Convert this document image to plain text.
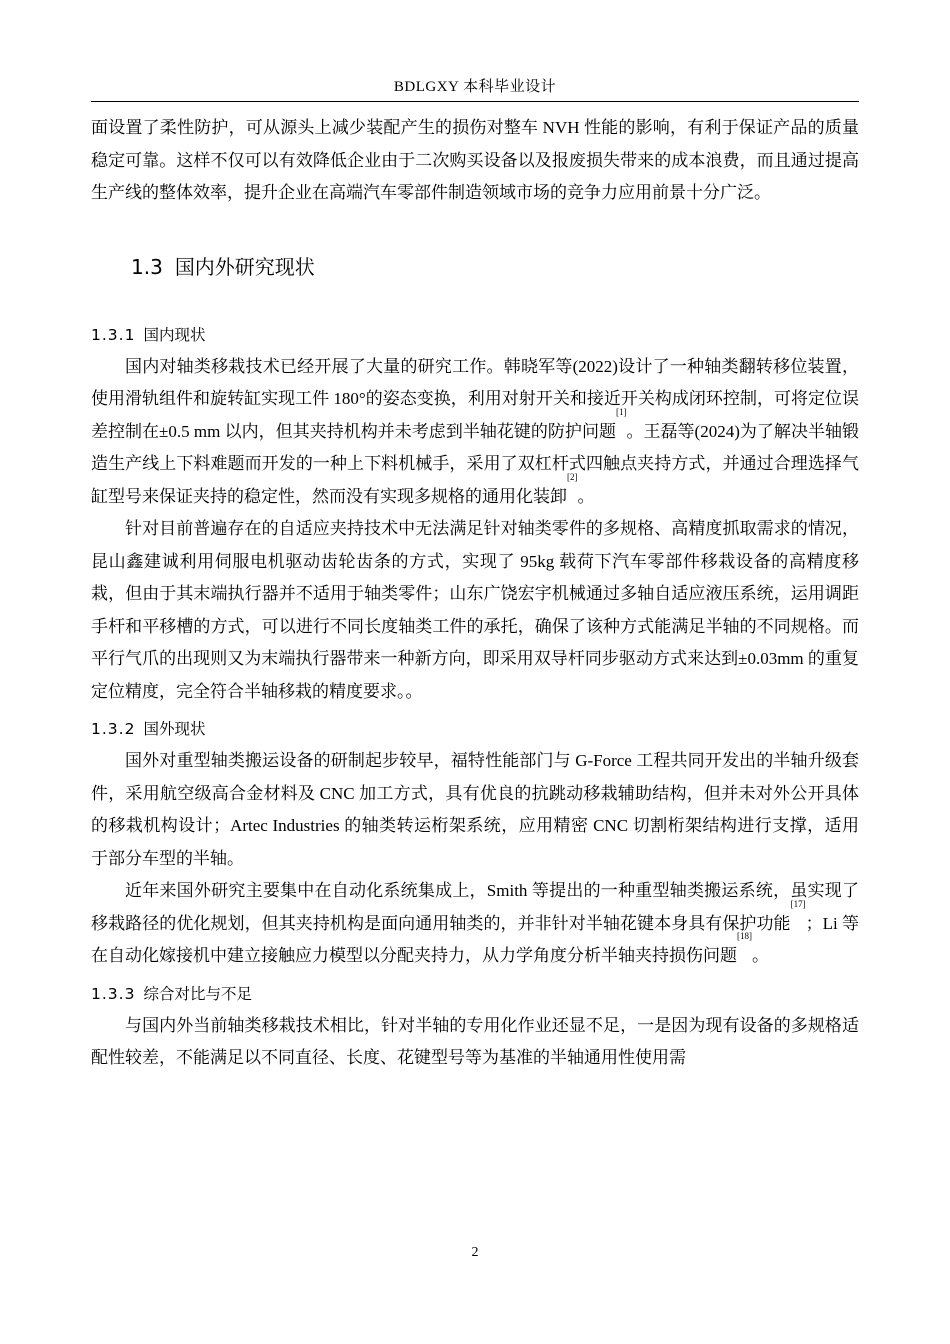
BDLGXY 本科毕业设计

面设置了柔性防护，可从源头上减少装配产生的损伤对整车 NVH 性能的影响，有利于保证产品的质量稳定可靠。这样不仅可以有效降低企业由于二次购买设备以及报废损失带来的成本浪费，而且通过提高生产线的整体效率，提升企业在高端汽车零部件制造领域市场的竞争力应用前景十分广泛。

1.3 国内外研究现状
1.3.1 国内现状

国内对轴类移栽技术已经开展了大量的研究工作。韩晓军等(2022)设计了一种轴类翻转移位装置，使用滑轨组件和旋转缸实现工件 180°的姿态变换，利用对射开关和接近开关构成闭环控制，可将定位误差控制在±0.5 mm 以内，但其夹持机构并未考虑到半轴花键的防护问题[1]。王磊等(2024)为了解决半轴锻造生产线上下料难题而开发的一种上下料机械手，采用了双杠杆式四触点夹持方式，并通过合理选择气缸型号来保证夹持的稳定性，然而没有实现多规格的通用化装卸[2]。

针对目前普遍存在的自适应夹持技术中无法满足针对轴类零件的多规格、高精度抓取需求的情况，昆山鑫建诚利用伺服电机驱动齿轮齿条的方式，实现了 95kg 载荷下汽车零部件移栽设备的高精度移栽，但由于其末端执行器并不适用于轴类零件；山东广饶宏宇机械通过多轴自适应液压系统，运用调距手杆和平移槽的方式，可以进行不同长度轴类工件的承托，确保了该种方式能满足半轴的不同规格。而平行气爪的出现则又为末端执行器带来一种新方向，即采用双导杆同步驱动方式来达到±0.03mm 的重复定位精度，完全符合半轴移栽的精度要求。。

1.3.2 国外现状

国外对重型轴类搬运设备的研制起步较早，福特性能部门与 G-Force 工程共同开发出的半轴升级套件，采用航空级高合金材料及 CNC 加工方式，具有优良的抗跳动移栽辅助结构，但并未对外公开具体的移栽机构设计；Artec Industries 的轴类转运桁架系统，应用精密 CNC 切割桁架结构进行支撑，适用于部分车型的半轴。

近年来国外研究主要集中在自动化系统集成上，Smith 等提出的一种重型轴类搬运系统，虽实现了移栽路径的优化规划，但其夹持机构是面向通用轴类的，并非针对半轴花键本身具有保护功能[17]；Li 等在自动化嫁接机中建立接触应力模型以分配夹持力，从力学角度分析半轴夹持损伤问题[18]。

1.3.3 综合对比与不足

与国内外当前轴类移栽技术相比，针对半轴的专用化作业还显不足，一是因为现有设备的多规格适配性较差，不能满足以不同直径、长度、花键型号等为基准的半轴通用性使用需

2
